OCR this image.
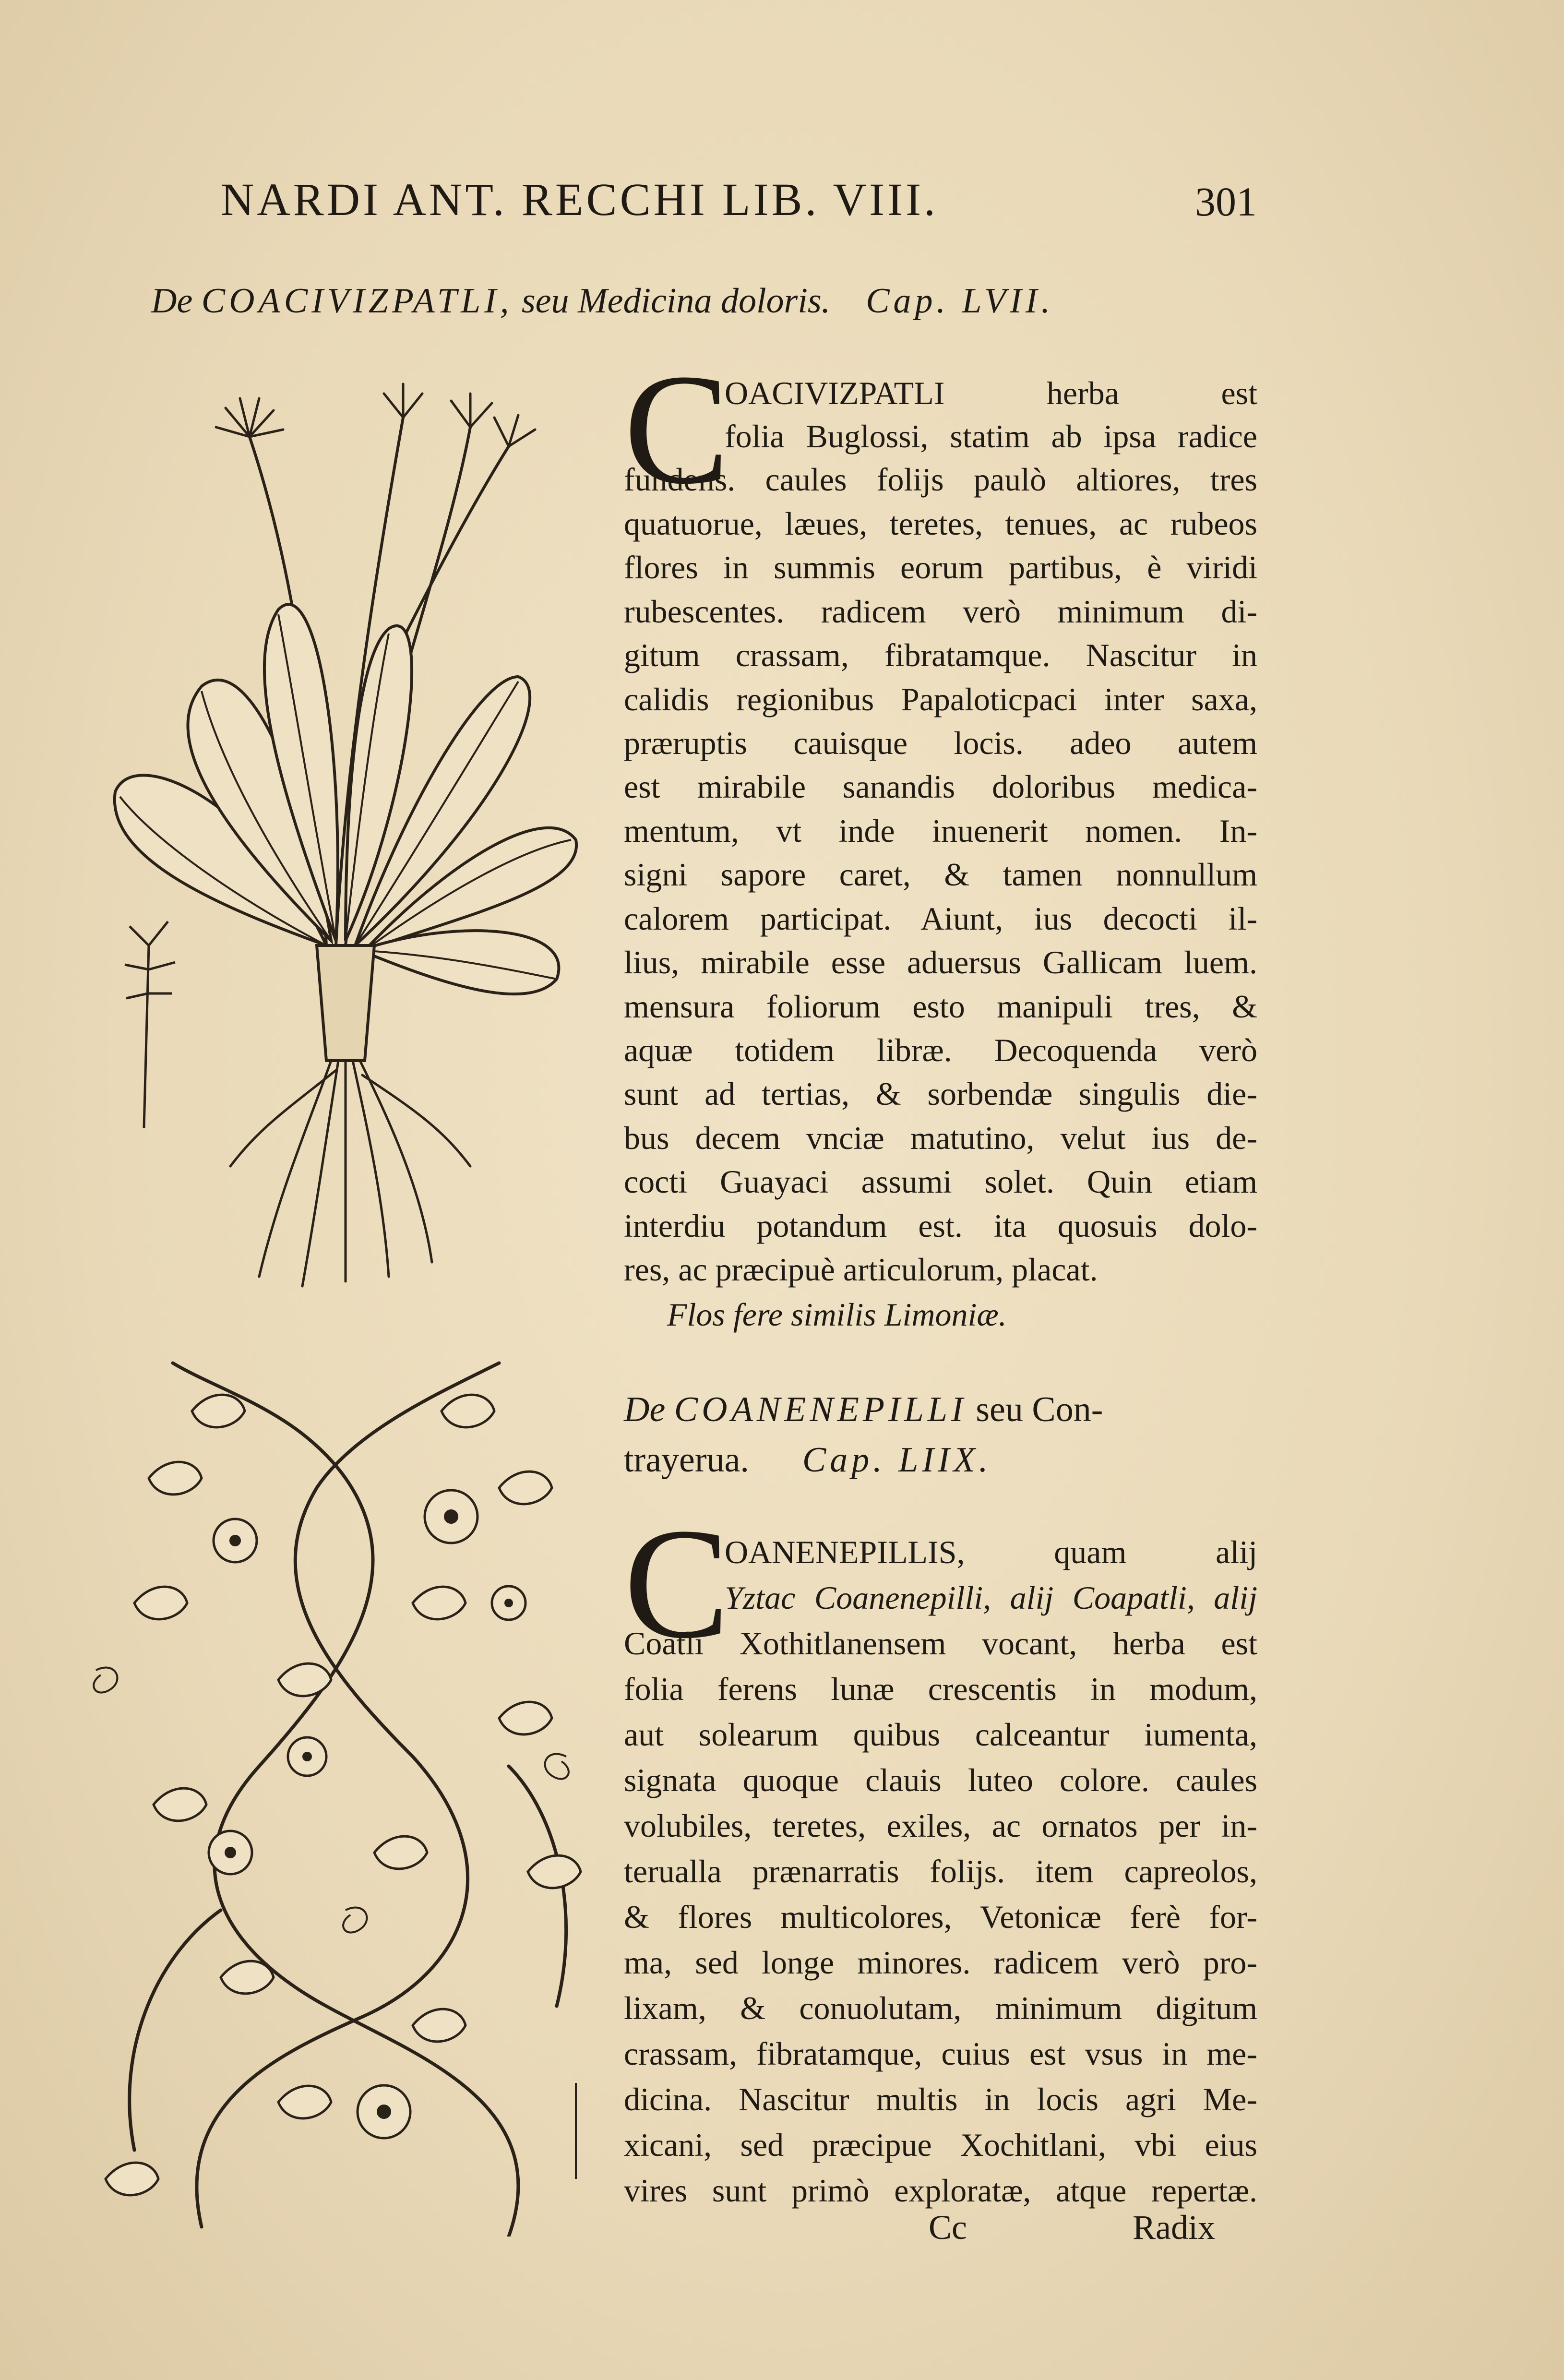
NARDI ANT. RECCHI LIB. VIII.	301
De COACIVIZPATLI, seu Medicina doloris. Cap. LVII.
C
OACIVIZPATLI herba est
folia Buglossi, statim ab ipsa radice
fundens. caules folijs paulò altiores, tres
quatuorue, læues, teretes, tenues, ac rubeos
flores in summis eorum partibus, è viridi
rubescentes. radicem verò minimum di-
gitum crassam, fibratamque. Nascitur in
calidis regionibus Papaloticpaci inter saxa,
præruptis cauisque locis. adeo autem
est mirabile sanandis doloribus medica-
mentum, vt inde inuenerit nomen. In-
signi sapore caret, & tamen nonnullum
calorem participat. Aiunt, ius decocti il-
lius, mirabile esse aduersus Gallicam luem.
mensura foliorum esto manipuli tres, &
aquæ totidem libræ. Decoquenda verò
sunt ad tertias, & sorbendæ singulis die-
bus decem vnciæ matutino, velut ius de-
cocti Guayaci assumi solet. Quin etiam
interdiu potandum est. ita quosuis dolo-
res, ac præcipuè articulorum, placat.
Flos fere similis Limoniæ.
De COANENEPILLI seu Con-
trayerua. Cap. LIIX.
C
OANENEPILLIS, quam alij
Yztac Coanenepilli, alij Coapatli, alij
Coatli Xothitlanensem vocant, herba est
folia ferens lunæ crescentis in modum,
aut solearum quibus calceantur iumenta,
signata quoque clauis luteo colore. caules
volubiles, teretes, exiles, ac ornatos per in-
terualla prænarratis folijs. item capreolos,
& flores multicolores, Vetonicæ ferè for-
ma, sed longe minores. radicem verò pro-
lixam, & conuolutam, minimum digitum
crassam, fibratamque, cuius est vsus in me-
dicina. Nascitur multis in locis agri Me-
xicani, sed præcipue Xochitlani, vbi eius
vires sunt primò exploratæ, atque repertæ.
Cc	Radix
